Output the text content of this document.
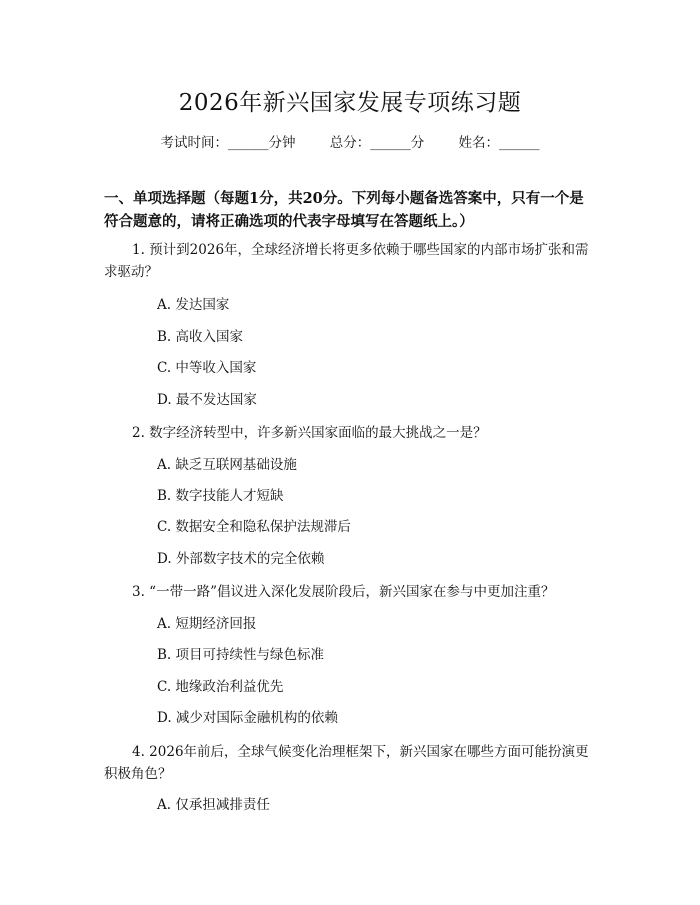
2026年新兴国家发展专项练习题
考试时间：______分钟	总分：______分	姓名：______
一、单项选择题（每题1分，共20分。下列每小题备选答案中，只有一个是符合题意的，请将正确选项的代表字母填写在答题纸上。）
1. 预计到2026年，全球经济增长将更多依赖于哪些国家的内部市场扩张和需求驱动？
A. 发达国家
B. 高收入国家
C. 中等收入国家
D. 最不发达国家
2. 数字经济转型中，许多新兴国家面临的最大挑战之一是？
A. 缺乏互联网基础设施
B. 数字技能人才短缺
C. 数据安全和隐私保护法规滞后
D. 外部数字技术的完全依赖
3. “一带一路”倡议进入深化发展阶段后，新兴国家在参与中更加注重？
A. 短期经济回报
B. 项目可持续性与绿色标准
C. 地缘政治利益优先
D. 减少对国际金融机构的依赖
4. 2026年前后，全球气候变化治理框架下，新兴国家在哪些方面可能扮演更积极角色？
A. 仅承担减排责任
